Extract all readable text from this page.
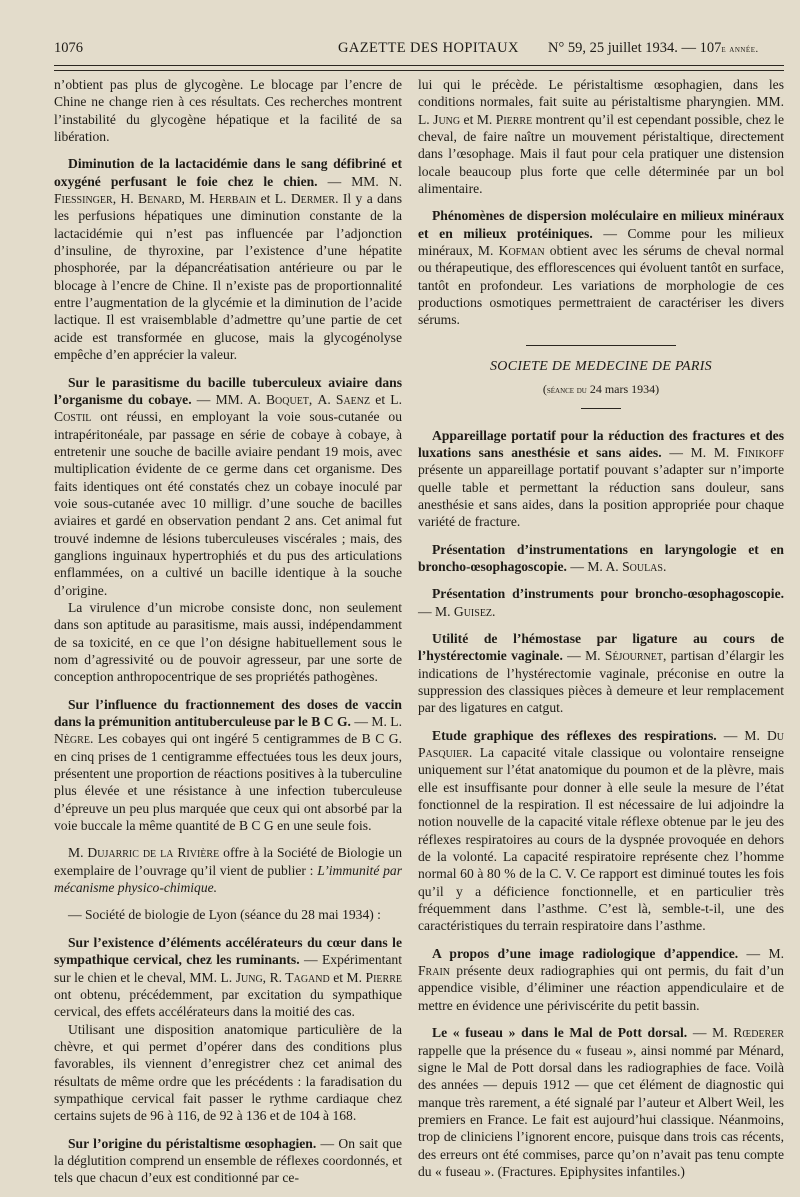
1076	GAZETTE DES HOPITAUX N° 59, 25 juillet 1934. — 107e année.

n’obtient pas plus de glycogène. Le blocage par l’encre de Chine ne change rien à ces résultats. Ces recherches montrent l’instabilité du glycogène hépatique et la facilité de sa libération.

Diminution de la lactacidémie dans le sang défibriné et oxygéné perfusant le foie chez le chien. — MM. N. Fiessinger, H. Benard, M. Herbain et L. Dermer. Il y a dans les perfusions hépatiques une diminution constante de la lactacidémie qui n’est pas influencée par l’adjonction d’insuline, de thyroxine, par l’existence d’une hépatite phosphorée, par la dépancréatisation antérieure ou par le blocage à l’encre de Chine. Il n’existe pas de proportionnalité entre l’augmentation de la glycémie et la diminution de l’acide lactique. Il est vraisemblable d’admettre qu’une partie de cet acide est transformée en glucose, mais la glycogénolyse empêche d’en apprécier la valeur.

Sur le parasitisme du bacille tuberculeux aviaire dans l’organisme du cobaye. — MM. A. Boquet, A. Saenz et L. Costil ont réussi, en employant la voie sous-cutanée ou intrapéritonéale, par passage en série de cobaye à cobaye, à entretenir une souche de bacille aviaire pendant 19 mois, avec multiplication évidente de ce germe dans cet organisme. Des faits identiques ont été constatés chez un cobaye inoculé par voie sous-cutanée avec 10 milligr. d’une souche de bacilles aviaires et gardé en observation pendant 2 ans. Cet animal fut trouvé indemne de lésions tuberculeuses viscérales ; mais, des ganglions inguinaux hypertrophiés et du pus des articulations enflammées, on a cultivé un bacille identique à la souche d’origine.

La virulence d’un microbe consiste donc, non seulement dans son aptitude au parasitisme, mais aussi, indépendamment de sa toxicité, en ce que l’on désigne habituellement sous le nom d’agressivité ou de pouvoir agresseur, par une sorte de conception anthropocentrique de ses propriétés pathogènes.

Sur l’influence du fractionnement des doses de vaccin dans la prémunition antituberculeuse par le B C G. — M. L. Nègre. Les cobayes qui ont ingéré 5 centigrammes de B C G. en cinq prises de 1 centigramme effectuées tous les deux jours, présentent une proportion de réactions positives à la tuberculine plus élevée et une résistance à une infection tuberculeuse d’épreuve un peu plus marquée que ceux qui ont absorbé par la voie buccale la même quantité de B C G en une seule fois.

M. Dujarric de la Rivière offre à la Société de Biologie un exemplaire de l’ouvrage qu’il vient de publier : L’immunité par mécanisme physico-chimique.

— Société de biologie de Lyon (séance du 28 mai 1934) :

Sur l’existence d’éléments accélérateurs du cœur dans le sympathique cervical, chez les ruminants. — Expérimentant sur le chien et le cheval, MM. L. Jung, R. Tagand et M. Pierre ont obtenu, précédemment, par excitation du sympathique cervical, des effets accélérateurs dans la moitié des cas.

Utilisant une disposition anatomique particulière de la chèvre, et qui permet d’opérer dans des conditions plus favorables, ils viennent d’enregistrer chez cet animal des résultats de même ordre que les précédents : la faradisation du sympathique cervical fait passer le rythme cardiaque chez certains sujets de 96 à 116, de 92 à 136 et de 104 à 168.

Sur l’origine du péristaltisme œsophagien. — On sait que la déglutition comprend un ensemble de réflexes coordonnés, et tels que chacun d’eux est conditionné par ce-

lui qui le précède. Le péristaltisme œsophagien, dans les conditions normales, fait suite au péristaltisme pharyngien. MM. L. Jung et M. Pierre montrent qu’il est cependant possible, chez le cheval, de faire naître un mouvement péristaltique, directement dans l’œsophage. Mais il faut pour cela pratiquer une distension locale beaucoup plus forte que celle déterminée par un bol alimentaire.

Phénomènes de dispersion moléculaire en milieux minéraux et en milieux protéiniques. — Comme pour les milieux minéraux, M. Kofman obtient avec les sérums de cheval normal ou thérapeutique, des efflorescences qui évoluent tantôt en surface, tantôt en profondeur. Les variations de morphologie de ces productions osmotiques permettraient de caractériser les divers sérums.

SOCIETE DE MEDECINE DE PARIS
(séance du 24 mars 1934)

Appareillage portatif pour la réduction des fractures et des luxations sans anesthésie et sans aides. — M. M. Finikoff présente un appareillage portatif pouvant s’adapter sur n’importe quelle table et permettant la réduction sans douleur, sans anesthésie et sans aides, dans la position appropriée pour chaque variété de fracture.

Présentation d’instrumentations en laryngologie et en broncho-œsophagoscopie. — M. A. Soulas.

Présentation d’instruments pour broncho-œsophagoscopie. — M. Guisez.

Utilité de l’hémostase par ligature au cours de l’hystérectomie vaginale. — M. Séjournet, partisan d’élargir les indications de l’hystérectomie vaginale, préconise en outre la suppression des classiques pièces à demeure et leur remplacement par des ligatures en catgut.

Etude graphique des réflexes des respirations. — M. Du Pasquier. La capacité vitale classique ou volontaire renseigne uniquement sur l’état anatomique du poumon et de la plèvre, mais elle est insuffisante pour donner à elle seule la mesure de l’état fonctionnel de la respiration. Il est nécessaire de lui adjoindre la notion nouvelle de la capacité vitale réflexe obtenue par le jeu des réflexes respiratoires au cours de la dyspnée provoquée en dehors de la volonté. La capacité respiratoire représente chez l’homme normal 60 à 80 % de la C. V. Ce rapport est diminué toutes les fois qu’il y a déficience fonctionnelle, et en particulier très fréquemment dans l’asthme. C’est là, semble-t-il, une des caractéristiques du terrain respiratoire dans l’asthme.

A propos d’une image radiologique d’appendice. — M. Frain présente deux radiographies qui ont permis, du fait d’un appendice visible, d’éliminer une réaction appendiculaire et de mettre en évidence une périviscérite du petit bassin.

Le « fuseau » dans le Mal de Pott dorsal. — M. Rœderer rappelle que la présence du « fuseau », ainsi nommé par Ménard, signe le Mal de Pott dorsal dans les radiographies de face. Voilà des années — depuis 1912 — que cet élément de diagnostic qui manque très rarement, a été signalé par l’auteur et Albert Weil, les premiers en France. Le fait est aujourd’hui classique. Néanmoins, trop de cliniciens l’ignorent encore, puisque dans trois cas récents, des erreurs ont été commises, parce qu’on n’avait pas tenu compte du « fuseau ». (Fractures. Epiphysites infantiles.)
